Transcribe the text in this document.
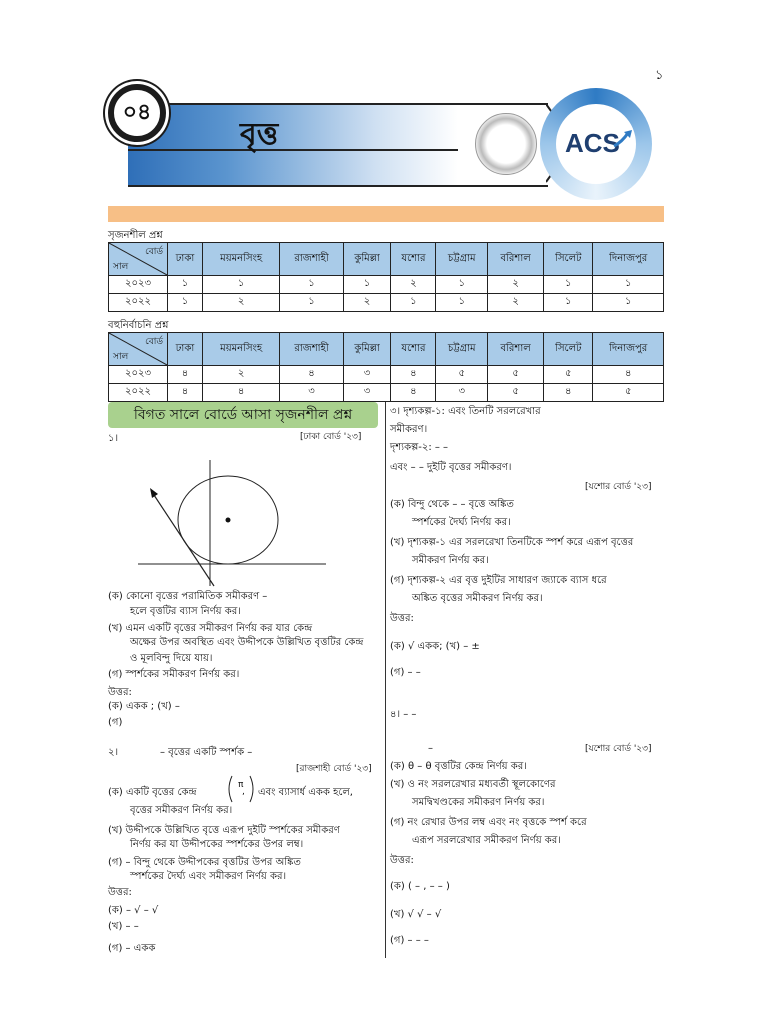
১
বৃত্ত	ACS
০৪
সৃজনশীল প্রশ্ন
বোর্ড
সাল	ঢাকা	ময়মনসিংহ	রাজশাহী	কুমিল্লা	যশোর	চট্টগ্রাম	বরিশাল	সিলেট	দিনাজপুর
২০২৩	১	১	১	১	২	১	২	১	১
২০২২	১	২	১	২	১	১	২	১	১
বহুনির্বাচনি প্রশ্ন
বোর্ড
সাল	ঢাকা	ময়মনসিংহ	রাজশাহী	কুমিল্লা	যশোর	চট্টগ্রাম	বরিশাল	সিলেট	দিনাজপুর
২০২৩	৪	২	৪	৩	৪	৫	৫	৫	৪
২০২২	৪	৪	৩	৩	৪	৩	৫	৪	৫
বিগত সালে বোর্ডে আসা সৃজনশীল প্রশ্ন
১।	[ঢাকা বোর্ড '২৩]
(ক) কোনো বৃত্তের পরামিতিক সমীকরণ –
হলে বৃত্তটির ব্যাস নির্ণয় কর।
(খ) এমন একটি বৃত্তের সমীকরণ নির্ণয় কর যার কেন্দ্র
অক্ষের উপর অবস্থিত এবং উদ্দীপকে উল্লিখিত বৃত্তটির কেন্দ্র
ও মূলবিন্দু দিয়ে যায়।
(গ) স্পর্শকের সমীকরণ নির্ণয় কর।
উত্তর:
(ক) একক ; (খ) –
(গ)
২।	– বৃত্তের একটি স্পর্শক –
[রাজশাহী বোর্ড '২৩]
(ক) একটি বৃত্তের কেন্দ্র	,
π
এবং ব্যাসার্ধ একক হলে,
বৃত্তের সমীকরণ নির্ণয় কর।
(খ) উদ্দীপকে উল্লিখিত বৃত্তে এরূপ দুইটি স্পর্শকের সমীকরণ
নির্ণয় কর যা উদ্দীপকের স্পর্শকের উপর লম্ব।
(গ) – বিন্দু থেকে উদ্দীপকের বৃত্তটির উপর অঙ্কিত
স্পর্শকের দৈর্ঘ্য এবং সমীকরণ নির্ণয় কর।
উত্তর:
(ক) – √ – √
(খ) – –
(গ) – একক
৩। দৃশ্যকল্প-১: এবং তিনটি সরলরেখার
সমীকরণ।
দৃশ্যকল্প-২: – –
এবং – – দুইটি বৃত্তের সমীকরণ।
[যশোর বোর্ড '২৩]
(ক) বিন্দু থেকে – – বৃত্তে অঙ্কিত
স্পর্শকের দৈর্ঘ্য নির্ণয় কর।
(খ) দৃশ্যকল্প-১ এর সরলরেখা তিনটিকে স্পর্শ করে এরূপ বৃত্তের
সমীকরণ নির্ণয় কর।
(গ) দৃশ্যকল্প-২ এর বৃত্ত দুইটির সাধারণ জ্যাকে ব্যাস ধরে
অঙ্কিত বৃত্তের সমীকরণ নির্ণয় কর।
উত্তর:
(ক) √ একক; (খ) – ±
(গ) – –
৪। – –
–	[যশোর বোর্ড '২৩]
(ক) θ – θ বৃত্তটির কেন্দ্র নির্ণয় কর।
(খ) ও নং সরলরেখার মধ্যবর্তী স্থূলকোণের
সমদ্বিখণ্ডকের সমীকরণ নির্ণয় কর।
(গ) নং রেখার উপর লম্ব এবং নং বৃত্তকে স্পর্শ করে
এরূপ সরলরেখার সমীকরণ নির্ণয় কর।
উত্তর:
(ক) ( – , – – )
(খ) √ √ – √
(গ) – – –
